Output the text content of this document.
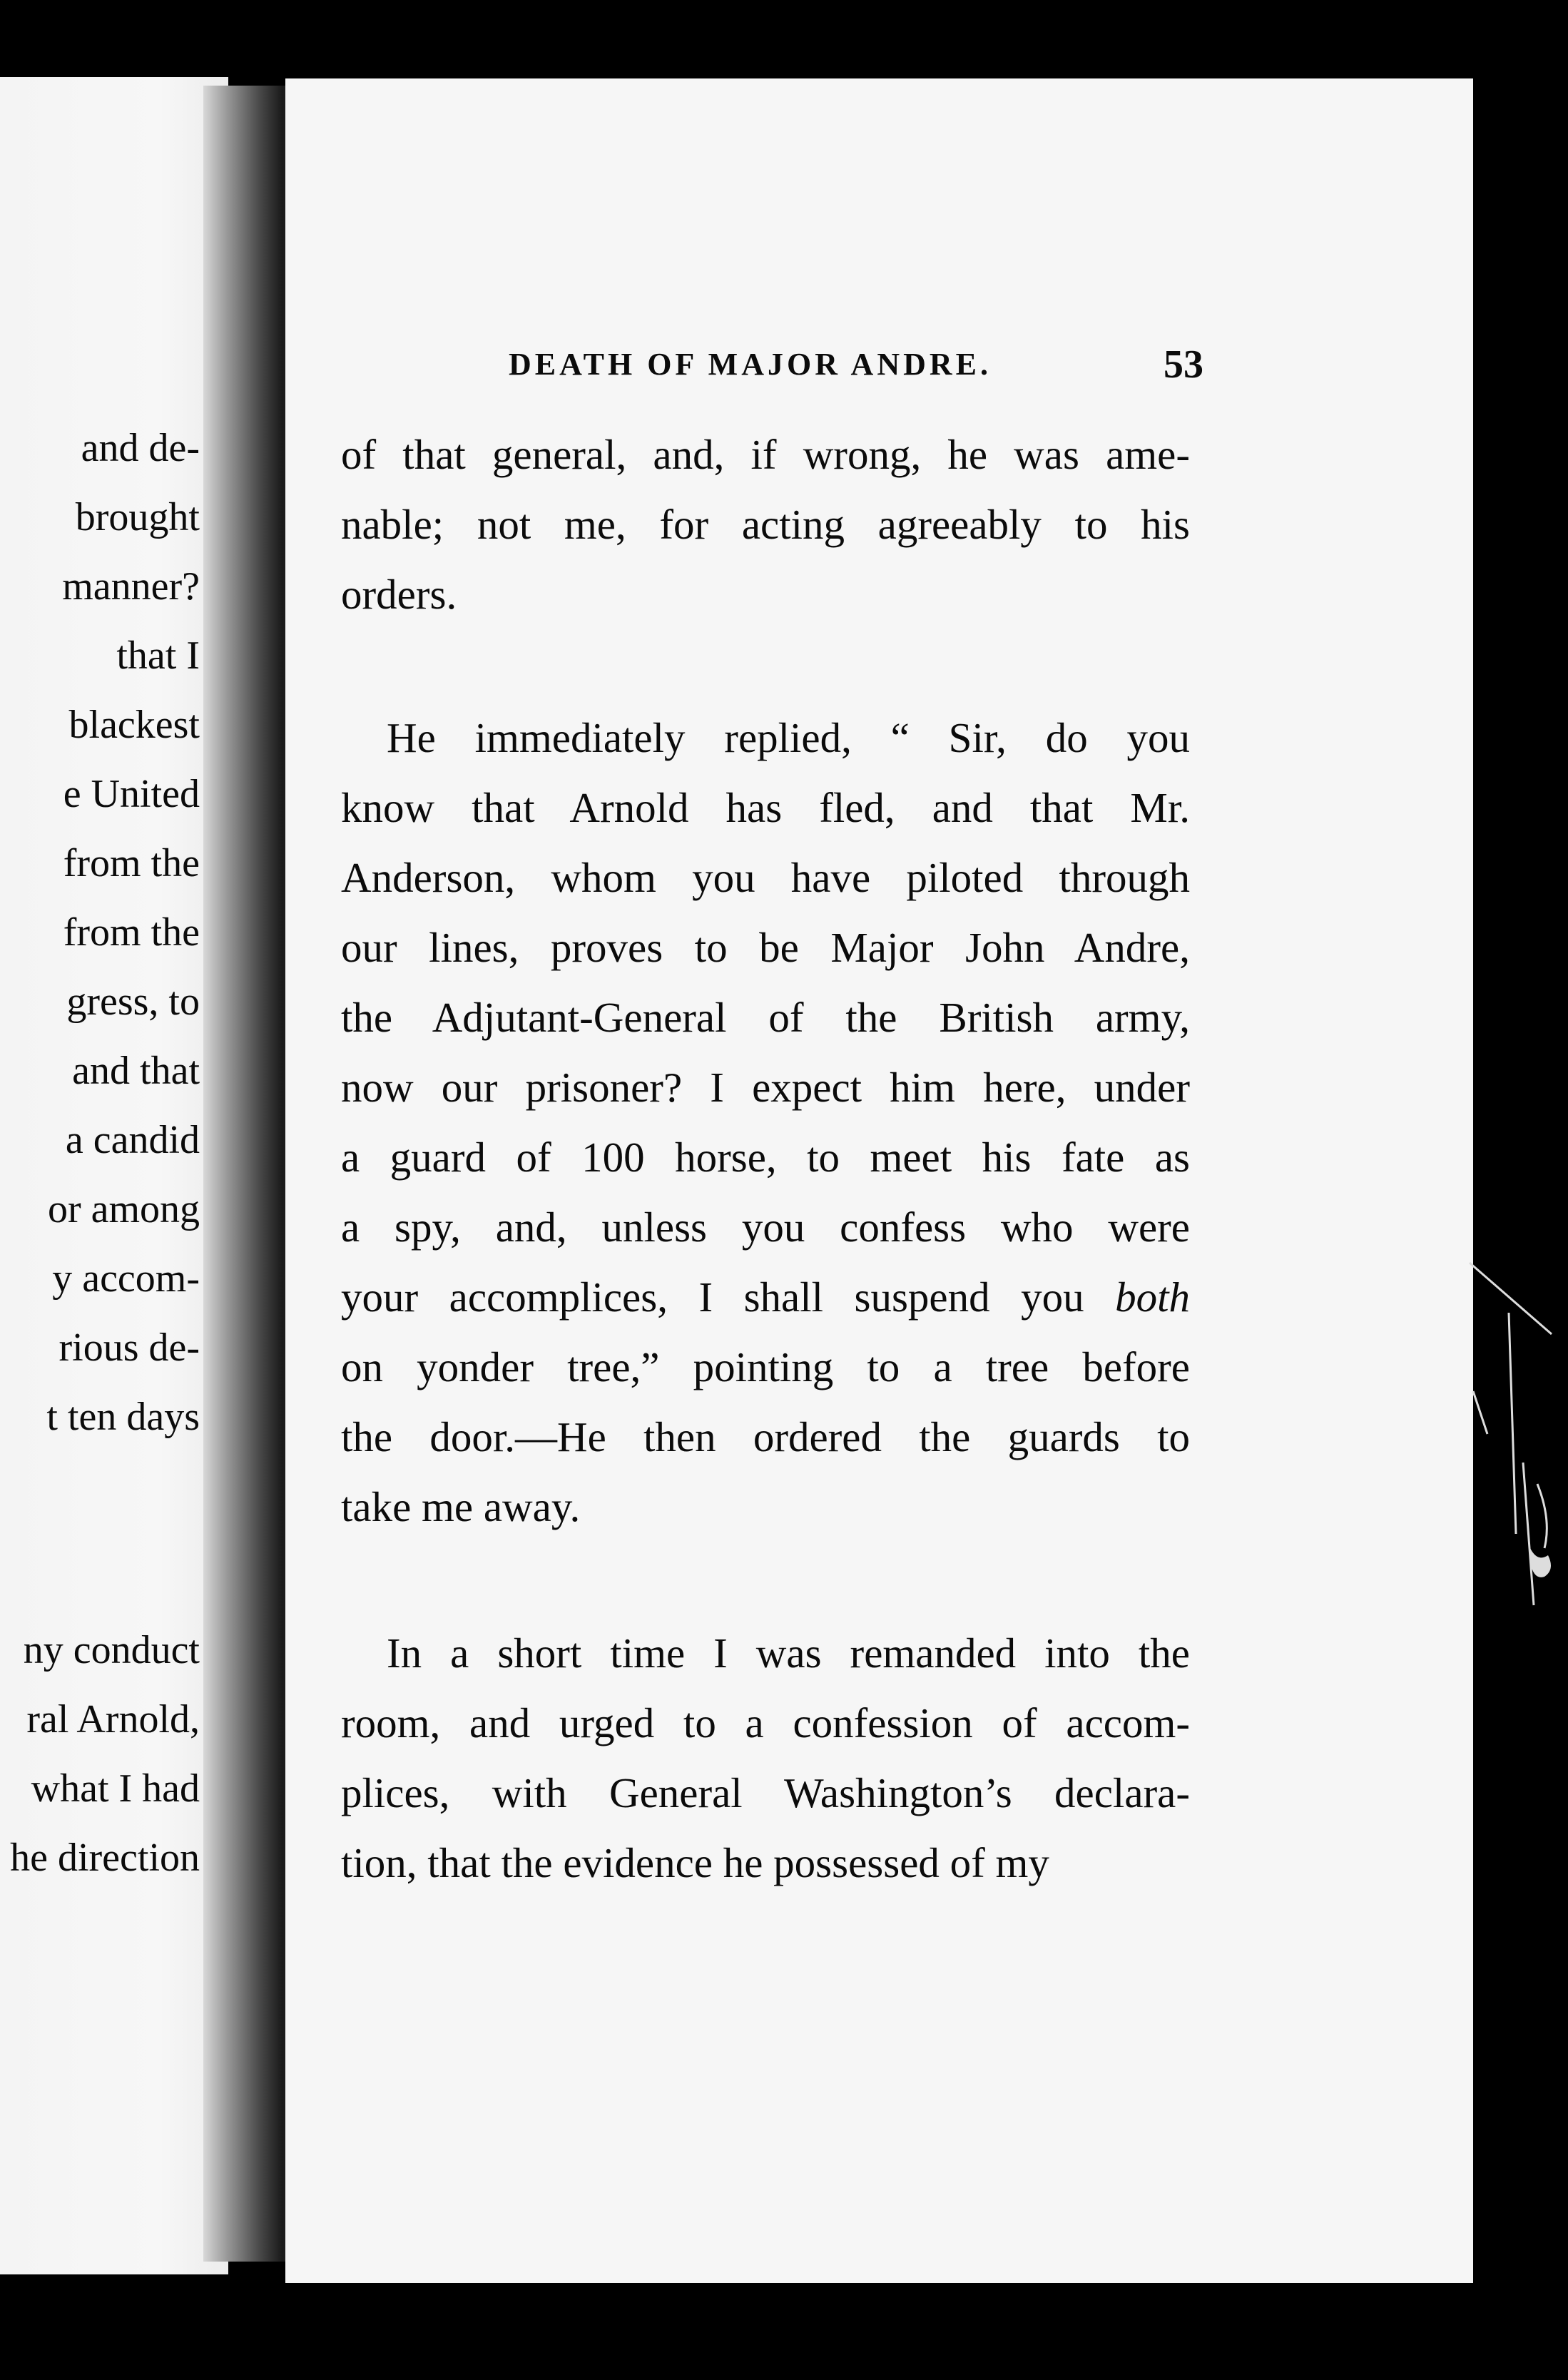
and de-
brought
manner?
that I
blackest
e United
from the
from the
gress, to
and that
a candid
or among
y accom-
rious de-
t ten days
ny conduct
ral Arnold,
what I had
he direction
DEATH OF MAJOR ANDRE.	53
of that general, and, if wrong, he was ame-
nable; not me, for acting agreeably to his
orders.
He immediately replied, “ Sir, do you
know that Arnold has fled, and that Mr.
Anderson, whom you have piloted through
our lines, proves to be Major John Andre,
the Adjutant-General of the British army,
now our prisoner? I expect him here, under
a guard of 100 horse, to meet his fate as
a spy, and, unless you confess who were
your accomplices, I shall suspend you both
on yonder tree,” pointing to a tree before
the door.—He then ordered the guards to
take me away.
In a short time I was remanded into the
room, and urged to a confession of accom-
plices, with General Washington’s declara-
tion, that the evidence he possessed of my
